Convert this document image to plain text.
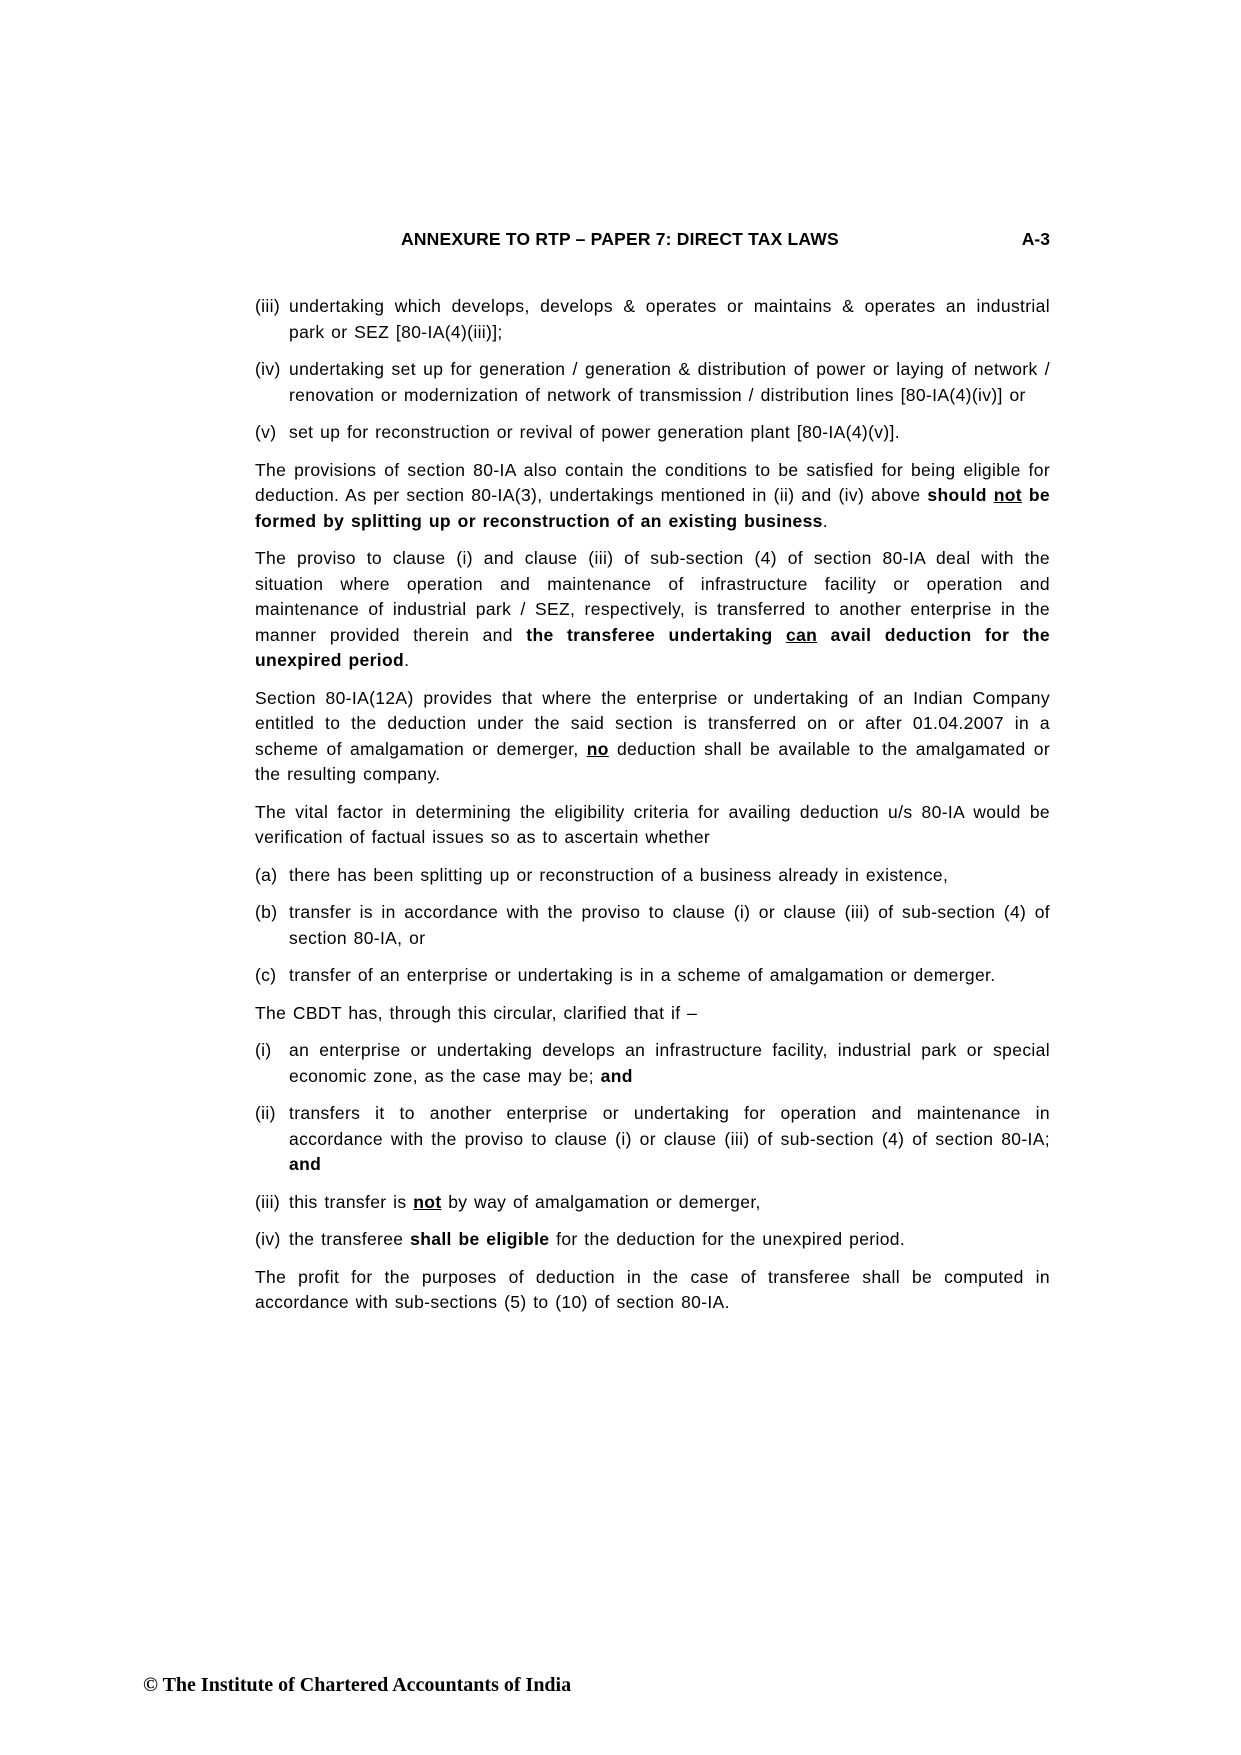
ANNEXURE TO RTP – PAPER 7: DIRECT TAX LAWS	A-3
(iii) undertaking which develops, develops & operates or maintains & operates an industrial park or SEZ [80-IA(4)(iii)];
(iv) undertaking set up for generation / generation & distribution of power or laying of network / renovation or modernization of network of transmission / distribution lines [80-IA(4)(iv)] or
(v) set up for reconstruction or revival of power generation plant [80-IA(4)(v)].
The provisions of section 80-IA also contain the conditions to be satisfied for being eligible for deduction. As per section 80-IA(3), undertakings mentioned in (ii) and (iv) above should not be formed by splitting up or reconstruction of an existing business.
The proviso to clause (i) and clause (iii) of sub-section (4) of section 80-IA deal with the situation where operation and maintenance of infrastructure facility or operation and maintenance of industrial park / SEZ, respectively, is transferred to another enterprise in the manner provided therein and the transferee undertaking can avail deduction for the unexpired period.
Section 80-IA(12A) provides that where the enterprise or undertaking of an Indian Company entitled to the deduction under the said section is transferred on or after 01.04.2007 in a scheme of amalgamation or demerger, no deduction shall be available to the amalgamated or the resulting company.
The vital factor in determining the eligibility criteria for availing deduction u/s 80-IA would be verification of factual issues so as to ascertain whether
(a) there has been splitting up or reconstruction of a business already in existence,
(b) transfer is in accordance with the proviso to clause (i) or clause (iii) of sub-section (4) of section 80-IA, or
(c) transfer of an enterprise or undertaking is in a scheme of amalgamation or demerger.
The CBDT has, through this circular, clarified that if –
(i) an enterprise or undertaking develops an infrastructure facility, industrial park or special economic zone, as the case may be; and
(ii) transfers it to another enterprise or undertaking for operation and maintenance in accordance with the proviso to clause (i) or clause (iii) of sub-section (4) of section 80-IA; and
(iii) this transfer is not by way of amalgamation or demerger,
(iv) the transferee shall be eligible for the deduction for the unexpired period.
The profit for the purposes of deduction in the case of transferee shall be computed in accordance with sub-sections (5) to (10) of section 80-IA.
© The Institute of Chartered Accountants of India
